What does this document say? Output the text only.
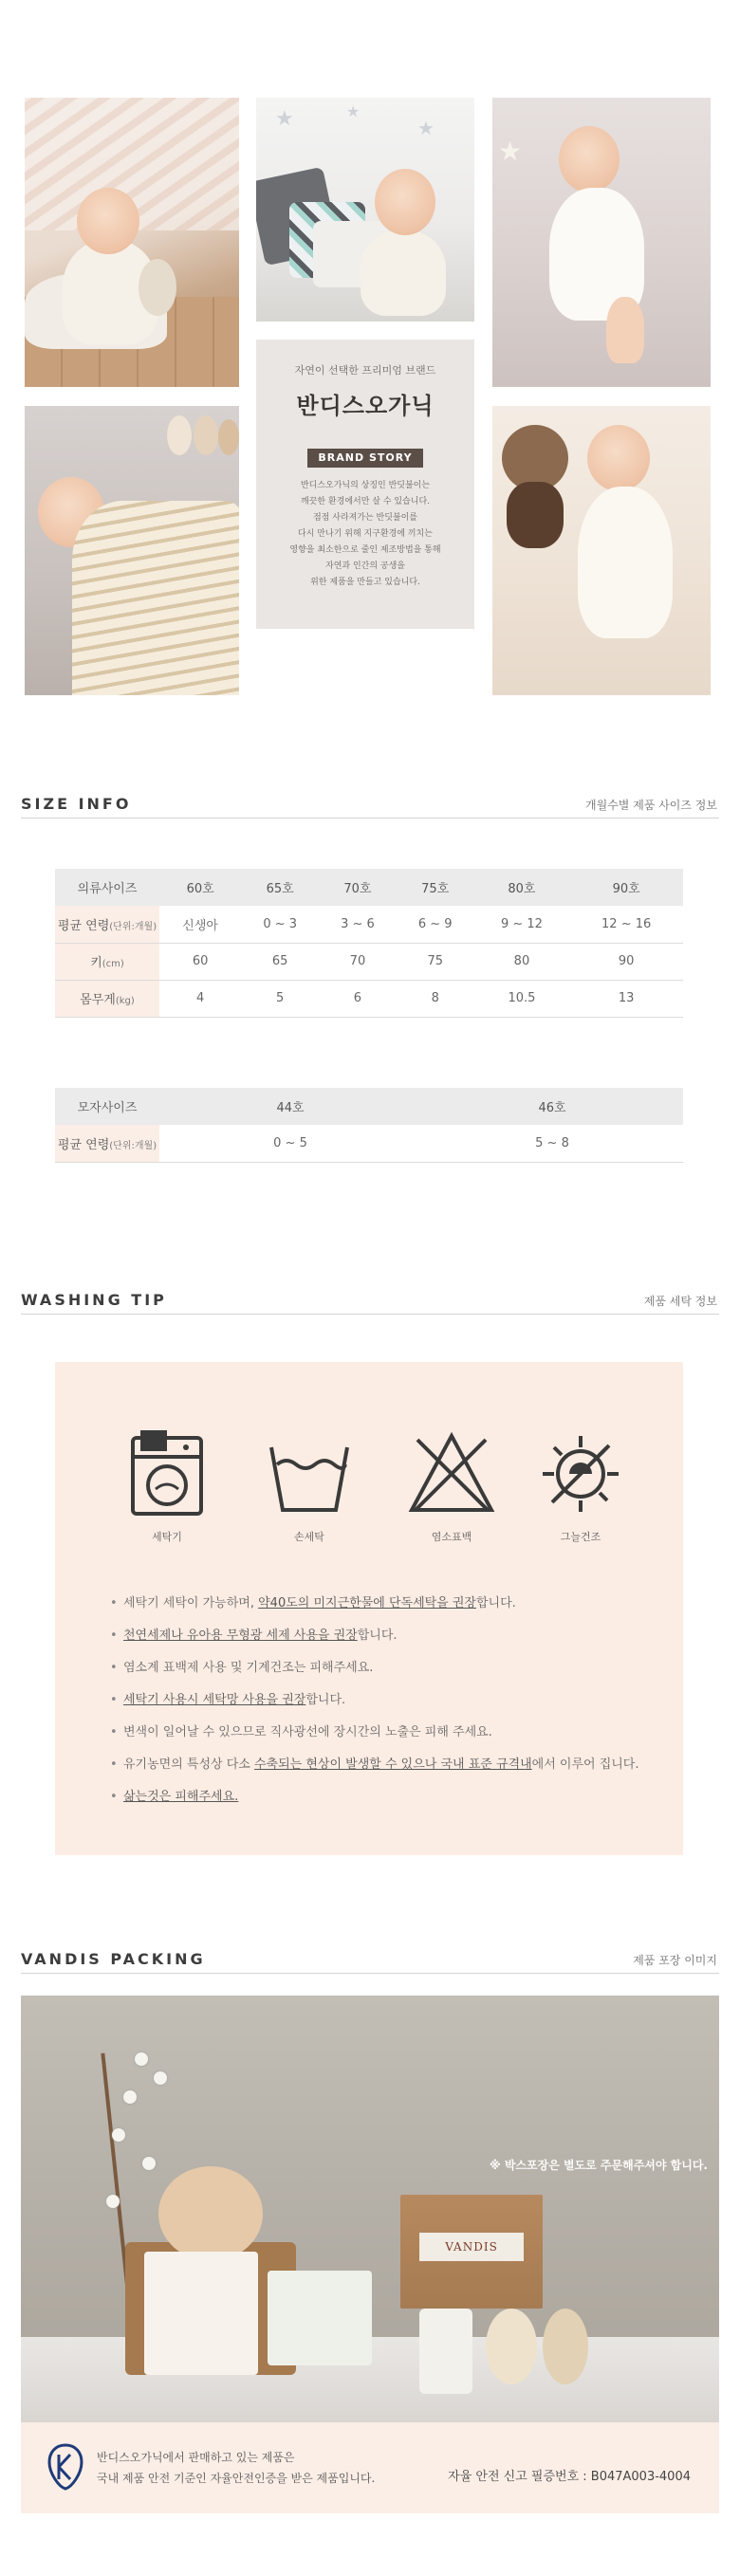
★	★
★
★
자연이 선택한 프리미엄 브랜드
반디스오가닉
BRAND STORY
반디스오가닉의 상징인 반딧불이는
깨끗한 환경에서만 살 수 있습니다.
점점 사라져가는 반딧불이를
다시 만나기 위해 지구환경에 끼치는
영향을 최소한으로 줄인 제조방법을 통해
자연과 인간의 공생을
위한 제품을 만들고 있습니다.
SIZE INFO	개월수별 제품 사이즈 정보
의류사이즈	60호	65호	70호	75호	80호	90호
평균 연령(단위:개월)	신생아	0 ~ 3	3 ~ 6	6 ~ 9	9 ~ 12	12 ~ 16
키(cm)	60	65	70	75	80	90
몸무게(kg)	4	5	6	8	10.5	13
모자사이즈	44호	46호
평균 연령(단위:개월)	0 ~ 5	5 ~ 8
WASHING TIP	제품 세탁 정보
세탁기	손세탁	염소표백	그늘건조
• 세탁기 세탁이 가능하며, 약40도의 미지근한물에 단독세탁을 권장합니다.
• 천연세제나 유아용 무형광 세제 사용을 권장합니다.
• 염소계 표백제 사용 및 기계건조는 피해주세요.
• 세탁기 사용시 세탁망 사용을 권장합니다.
• 변색이 일어날 수 있으므로 직사광선에 장시간의 노출은 피해 주세요.
• 유기농면의 특성상 다소 수축되는 현상이 발생할 수 있으나 국내 표준 규격내에서 이루어 집니다.
• 삶는것은 피해주세요.
VANDIS PACKING	제품 포장 이미지
※ 박스포장은 별도로 주문해주셔야 합니다.
VANDIS
반디스오가닉에서 판매하고 있는 제품은
국내 제품 안전 기준인 자율안전인증을 받은 제품입니다.	자율 안전 신고 필증번호 : B047A003-4004
